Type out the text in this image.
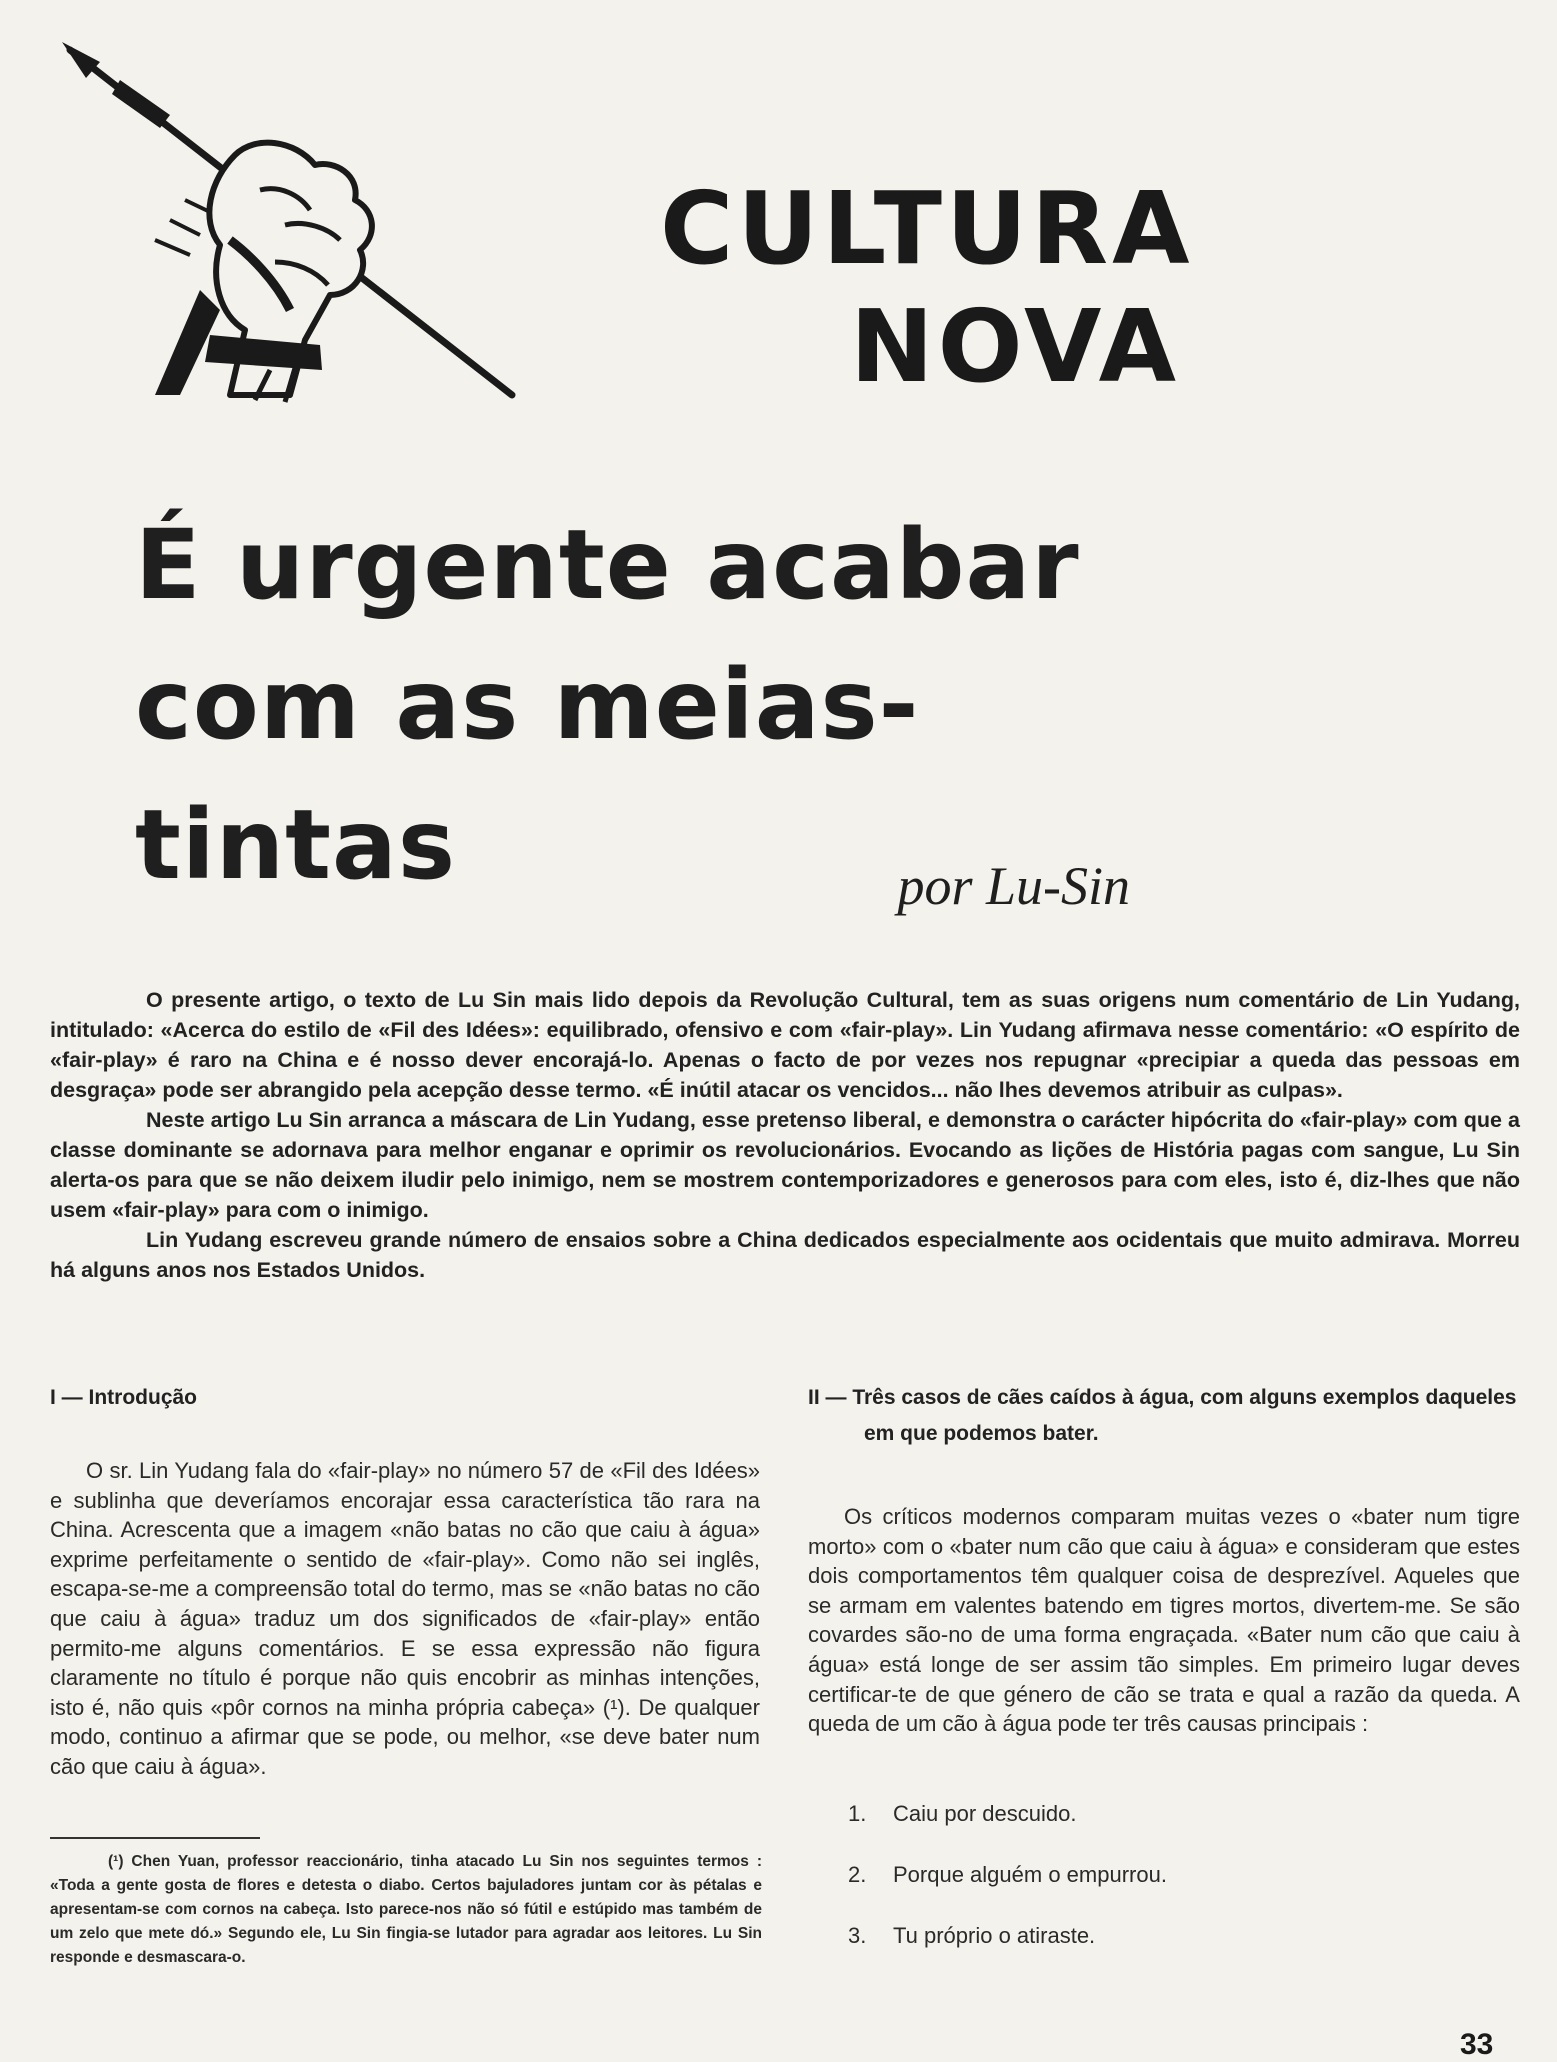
CULTURA
NOVA
É urgente acabar
com as meias-tintas	por Lu-Sin

O presente artigo, o texto de Lu Sin mais lido depois da Revolução Cultural, tem as suas origens num comentário de Lin Yudang, intitulado: «Acerca do estilo de «Fil des Idées»: equilibrado, ofensivo e com «fair-play». Lin Yudang afirmava nesse comentário: «O espírito de «fair-play» é raro na China e é nosso dever encorajá-lo. Apenas o facto de por vezes nos repugnar «precipiar a queda das pessoas em desgraça» pode ser abrangido pela acepção desse termo. «É inútil atacar os vencidos... não lhes devemos atribuir as culpas».

Neste artigo Lu Sin arranca a máscara de Lin Yudang, esse pretenso liberal, e demonstra o carácter hipócrita do «fair-play» com que a classe dominante se adornava para melhor enganar e oprimir os revolucionários. Evocando as lições de História pagas com sangue, Lu Sin alerta-os para que se não deixem iludir pelo inimigo, nem se mostrem contemporizadores e generosos para com eles, isto é, diz-lhes que não usem «fair-play» para com o inimigo.

Lin Yudang escreveu grande número de ensaios sobre a China dedicados especialmente aos ocidentais que muito admirava. Morreu há alguns anos nos Estados Unidos.

I — Introdução

O sr. Lin Yudang fala do «fair-play» no número 57 de «Fil des Idées» e sublinha que deveríamos encorajar essa característica tão rara na China. Acrescenta que a imagem «não batas no cão que caiu à água» exprime perfeitamente o sentido de «fair-play». Como não sei inglês, escapa-se-me a compreensão total do termo, mas se «não batas no cão que caiu à água» traduz um dos significados de «fair-play» então permito-me alguns comentários. E se essa expressão não figura claramente no título é porque não quis encobrir as minhas intenções, isto é, não quis «pôr cornos na minha própria cabeça» (¹). De qualquer modo, continuo a afirmar que se pode, ou melhor, «se deve bater num cão que caiu à água».

II — Três casos de cães caídos à água, com alguns exemplos daqueles em que podemos bater.

Os críticos modernos comparam muitas vezes o «bater num tigre morto» com o «bater num cão que caiu à água» e consideram que estes dois comportamentos têm qualquer coisa de desprezível. Aqueles que se armam em valentes batendo em tigres mortos, divertem-me. Se são covardes são-no de uma forma engraçada. «Bater num cão que caiu à água» está longe de ser assim tão simples. Em primeiro lugar deves certificar-te de que género de cão se trata e qual a razão da queda. A queda de um cão à água pode ter três causas principais :

1.	Caiu por descuido.
2.	Porque alguém o empurrou.
3.	Tu próprio o atiraste.

(¹) Chen Yuan, professor reaccionário, tinha atacado Lu Sin nos seguintes termos : «Toda a gente gosta de flores e detesta o diabo. Certos bajuladores juntam cor às pétalas e apresentam-se com cornos na cabeça. Isto parece-nos não só fútil e estúpido mas também de um zelo que mete dó.» Segundo ele, Lu Sin fingia-se lutador para agradar aos leitores. Lu Sin responde e desmascara-o.

33
